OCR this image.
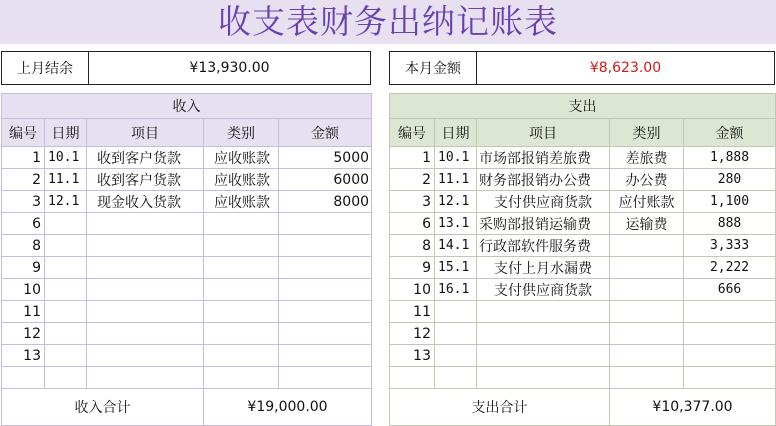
收支表财务出纳记账表
上月结余	¥13,930.00	本月金额	¥8,623.00
收入				
编号	日期	项目	类别	金额
1	10.1	收到客户货款	应收账款	5000
2	11.1	收到客户货款	应收账款	6000
3	12.1	现金收入货款	应收账款	8000
6				
8				
9				
10				
11				
12				
13				

收入合计			¥19,000.00	
支出				
编号	日期	项目	类别	金额
1	10.1	市场部报销差旅费	差旅费	1,888
2	11.1	财务部报销办公费	办公费	280
3	12.1	支付供应商货款	应付账款	1,100
6	13.1	采购部报销运输费	运输费	888
8	14.1	行政部软件服务费		3,333
9	15.1	支付上月水漏费		2,222
10	16.1	支付供应商货款		666
11				
12				
13				

支出合计			¥10,377.00	
